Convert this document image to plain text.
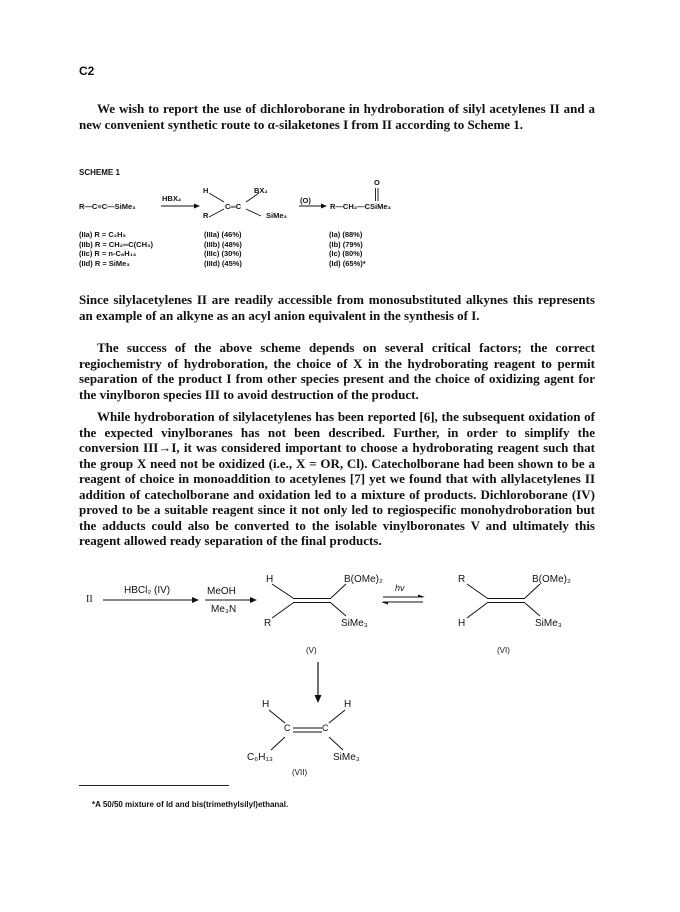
C2

We wish to report the use of dichloroborane in hydroboration of silyl acetylenes II and a new convenient synthetic route to α-silaketones I from II according to Scheme 1.

SCHEME 1
R—C≡C—SiMe₃
HBX₂
H	BX₂
C═C
R	SiMe₃
(O)
O
R—CH₂—CSiMe₃
(IIa) R = C₂H₅
(IIb) R = CH₂═C(CH₃)
(IIc) R = n-C₆H₁₃
(IId) R = SiMe₃
(IIIa) (46%)
(IIIb) (48%)
(IIIc) (30%)
(IIId) (45%)
(Ia) (88%)
(Ib) (79%)
(Ic) (80%)
(Id) (65%)*

Since silylacetylenes II are readily accessible from monosubstituted alkynes this represents an example of an alkyne as an acyl anion equivalent in the synthesis of I.

The success of the above scheme depends on several critical factors; the correct regiochemistry of hydroboration, the choice of X in the hydroborating reagent to permit separation of the product I from other species present and the choice of oxidizing agent for the vinylboron species III to avoid destruction of the product.

While hydroboration of silylacetylenes has been reported [6], the subsequent oxidation of the expected vinylboranes has not been described. Further, in order to simplify the conversion III→I, it was considered important to choose a hydroborating reagent such that the group X need not be oxidized (i.e., X = OR, Cl). Catecholborane had been shown to be a reagent of choice in monoaddition to acetylenes [7] yet we found that with allylacetylenes II addition of catecholborane and oxidation led to a mixture of products. Dichloroborane (IV) proved to be a suitable reagent since it not only led to regiospecific monohydroboration but the adducts could also be converted to the isolable vinylboronates V and ultimately this reagent allowed ready separation of the final products.

II
HBCl₂ (IV)	MeOH
Me₃N
H	B(OMe)₂
R	SiMe₃
(V)
hν
R	B(OMe)₂
H	SiMe₃
(VI)
H	H
C	C
C₆H₁₃	SiMe₃
(VII)
*A 50/50 mixture of Id and bis(trimethylsilyl)ethanal.
